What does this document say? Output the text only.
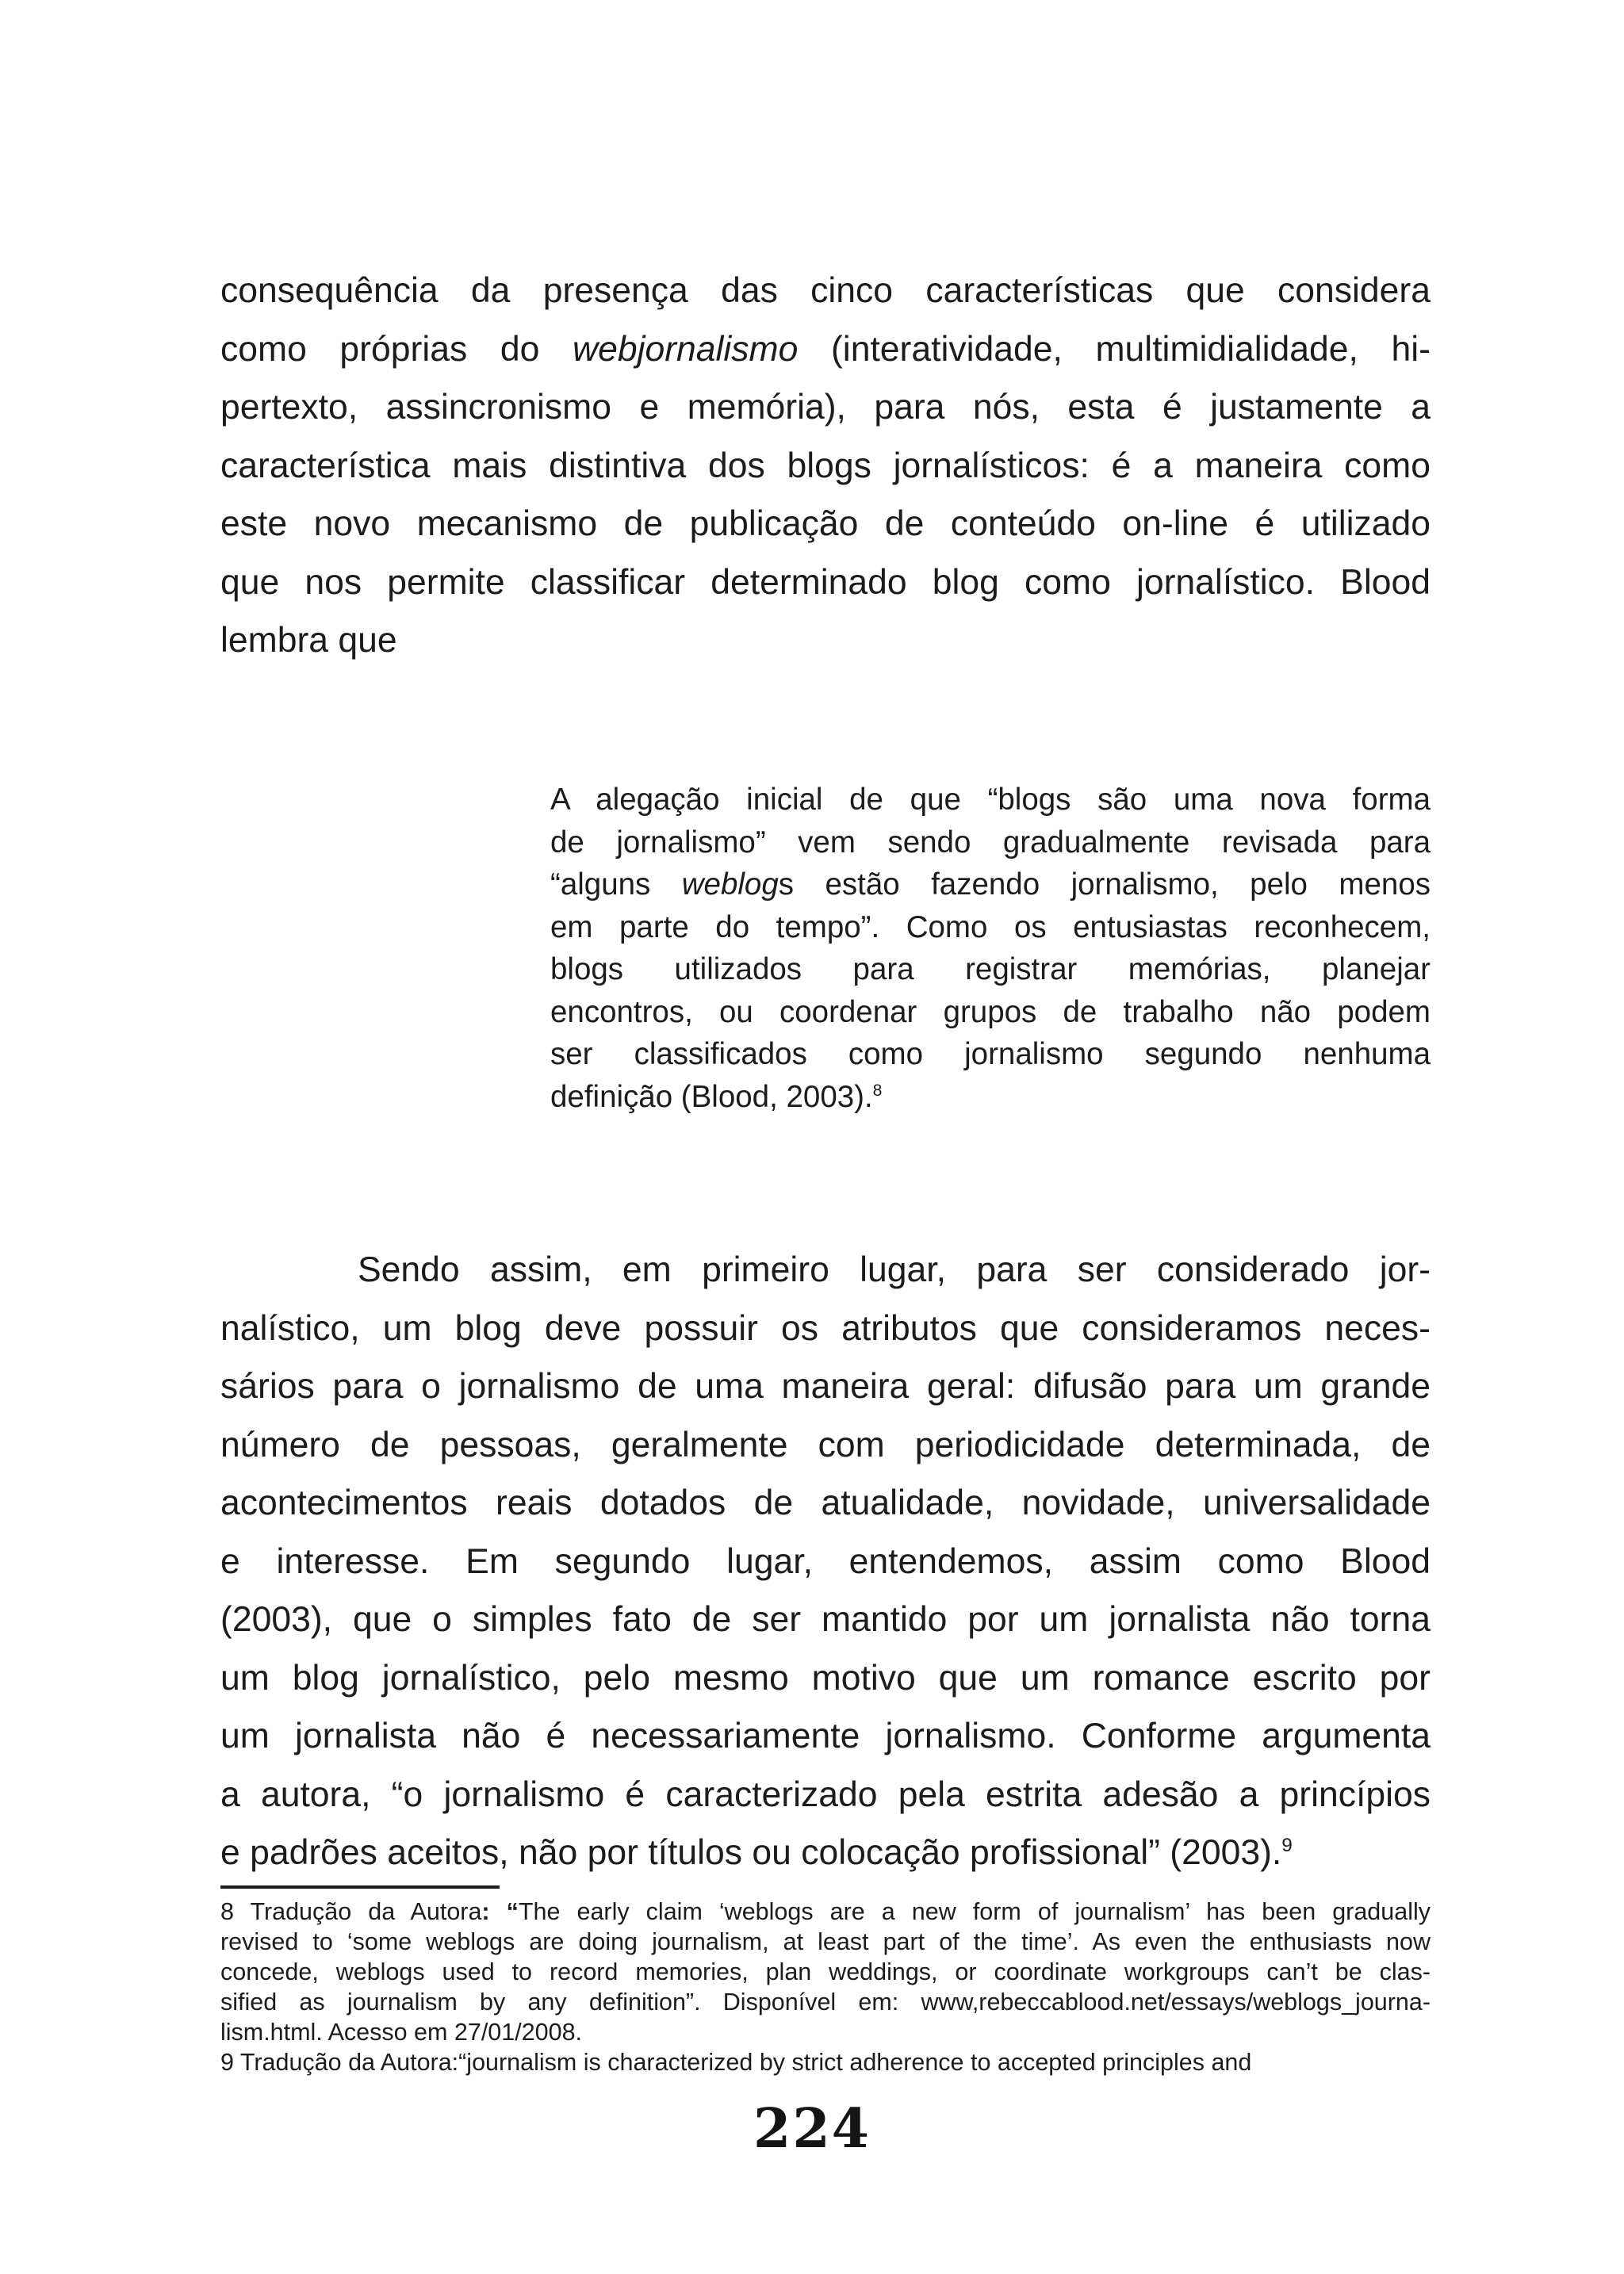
consequência da presença das cinco características que considera
como próprias do webjornalismo (interatividade, multimidialidade, hi-
pertexto, assincronismo e memória), para nós, esta é justamente a
característica mais distintiva dos blogs jornalísticos: é a maneira como
este novo mecanismo de publicação de conteúdo on-line é utilizado
que nos permite classificar determinado blog como jornalístico. Blood
lembra que
A alegação inicial de que “blogs são uma nova forma
de jornalismo” vem sendo gradualmente revisada para
“alguns weblogs estão fazendo jornalismo, pelo menos
em parte do tempo”. Como os entusiastas reconhecem,
blogs utilizados para registrar memórias, planejar
encontros, ou coordenar grupos de trabalho não podem
ser classificados como jornalismo segundo nenhuma
definição (Blood, 2003).$^8$
Sendo assim, em primeiro lugar, para ser considerado jor-
nalístico, um blog deve possuir os atributos que consideramos neces-
sários para o jornalismo de uma maneira geral: difusão para um grande
número de pessoas, geralmente com periodicidade determinada, de
acontecimentos reais dotados de atualidade, novidade, universalidade
e interesse. Em segundo lugar, entendemos, assim como Blood
(2003), que o simples fato de ser mantido por um jornalista não torna
um blog jornalístico, pelo mesmo motivo que um romance escrito por
um jornalista não é necessariamente jornalismo. Conforme argumenta
a autora, “o jornalismo é caracterizado pela estrita adesão a princípios
e padrões aceitos, não por títulos ou colocação profissional” (2003).$^9$
8 Tradução da Autora: “The early claim ‘weblogs are a new form of journalism’ has been gradually
revised to ‘some weblogs are doing journalism, at least part of the time’. As even the enthusiasts now
concede, weblogs used to record memories, plan weddings, or coordinate workgroups can’t be clas-
sified as journalism by any definition”. Disponível em: www,rebeccablood.net/essays/weblogs_journa-
lism.html. Acesso em 27/01/2008.
9 Tradução da Autora:“journalism is characterized by strict adherence to accepted principles and
224
